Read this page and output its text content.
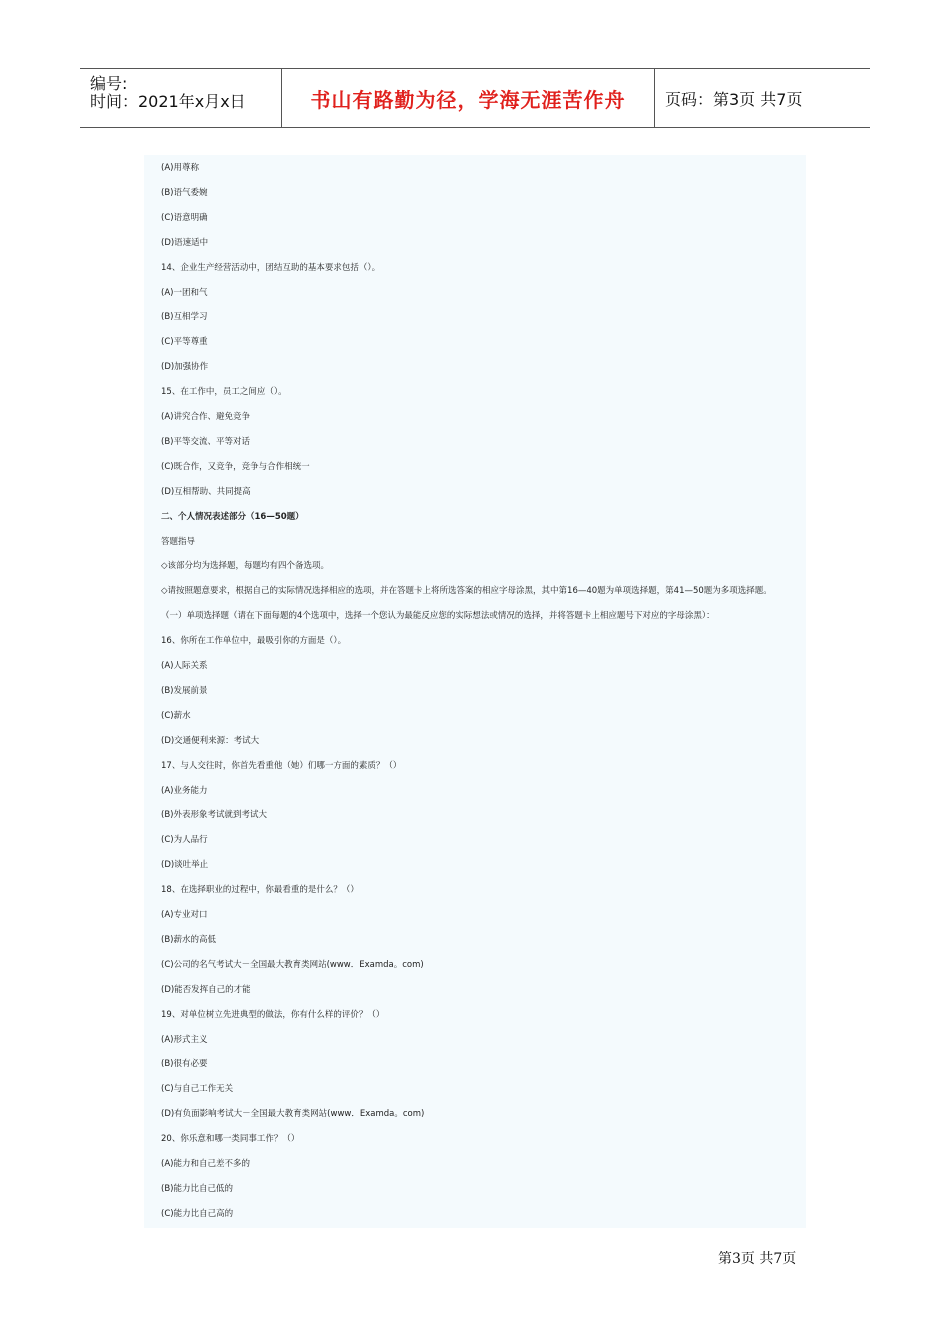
编号:
时间：2021年x月x日	书山有路勤为径，学海无涯苦作舟 页码：第3页 共7页
(A)用尊称
(B)语气委婉
(C)语意明确
(D)语速适中
14、企业生产经营活动中，团结互助的基本要求包括（）。
(A)一团和气
(B)互相学习
(C)平等尊重
(D)加强协作
15、在工作中，员工之间应（）。
(A)讲究合作、避免竞争
(B)平等交流、平等对话
(C)既合作，又竞争，竞争与合作相统一
(D)互相帮助、共同提高
二、个人情况表述部分（16—50题）
答题指导
◇该部分均为选择题，每题均有四个备选项。
◇请按照题意要求，根据自己的实际情况选择相应的选项，并在答题卡上将所选答案的相应字母涂黑，其中第16—40题为单项选择题，第41—50题为多项选择题。
（一）单项选择题（请在下面每题的4个选项中，选择一个您认为最能反应您的实际想法或情况的选择，并将答题卡上相应题号下对应的字母涂黑）：
16、你所在工作单位中，最吸引你的方面是（）。
(A)人际关系
(B)发展前景
(C)薪水
(D)交通便利来源：考试大
17、与人交往时，你首先看重他（她）们哪一方面的素质？（）
(A)业务能力
(B)外表形象考试就到考试大
(C)为人品行
(D)谈吐举止
18、在选择职业的过程中，你最看重的是什么？（）
(A)专业对口
(B)薪水的高低
(C)公司的名气考试大－全国最大教育类网站(www．Examda。com)
(D)能否发挥自己的才能
19、对单位树立先进典型的做法，你有什么样的评价？（）
(A)形式主义
(B)很有必要
(C)与自己工作无关
(D)有负面影响考试大－全国最大教育类网站(www．Examda。com)
20、你乐意和哪一类同事工作？（）
(A)能力和自己差不多的
(B)能力比自己低的
(C)能力比自己高的
第3页 共7页
